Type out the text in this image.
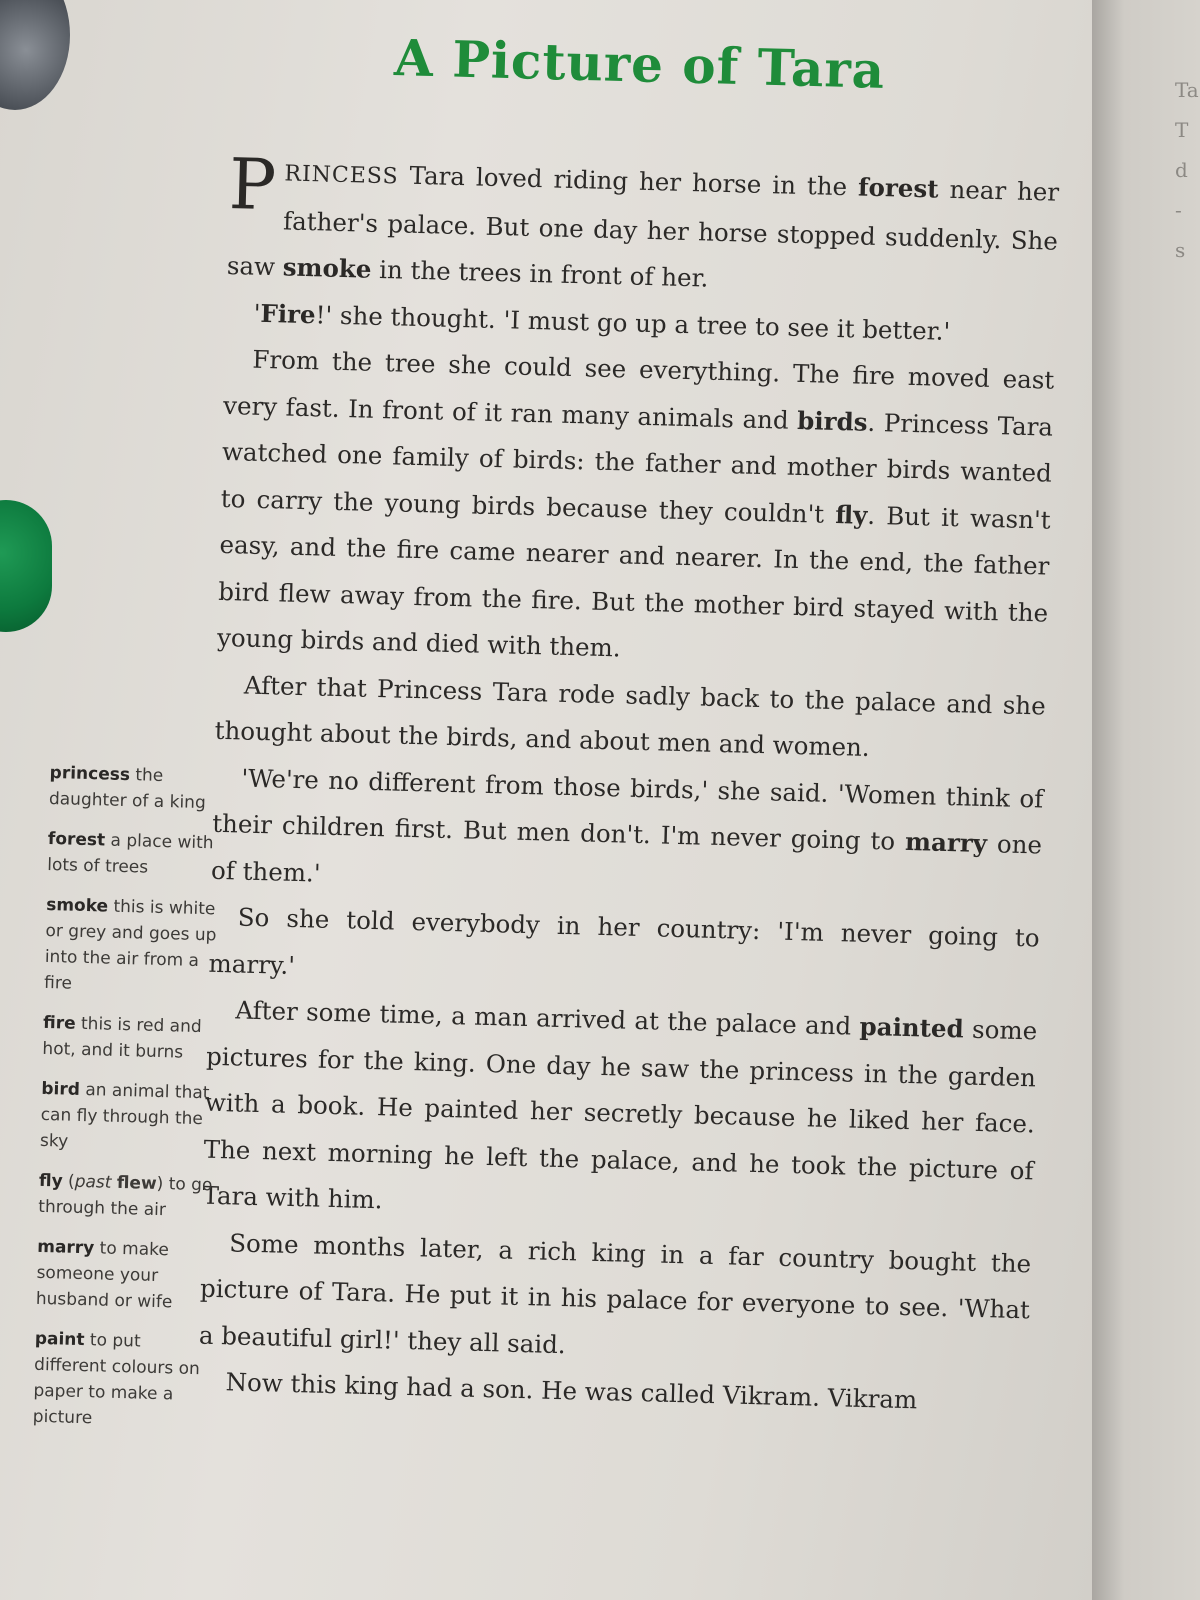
A Picture of Tara

PRINCESS Tara loved riding her horse in the forest near her father's palace. But one day her horse stopped suddenly. She saw smoke in the trees in front of her.

'Fire!' she thought. 'I must go up a tree to see it better.'

From the tree she could see everything. The fire moved east very fast. In front of it ran many animals and birds. Princess Tara watched one family of birds: the father and mother birds wanted to carry the young birds because they couldn't fly. But it wasn't easy, and the fire came nearer and nearer. In the end, the father bird flew away from the fire. But the mother bird stayed with the young birds and died with them.

After that Princess Tara rode sadly back to the palace and she thought about the birds, and about men and women.

'We're no different from those birds,' she said. 'Women think of their children first. But men don't. I'm never going to marry one of them.'

So she told everybody in her country: 'I'm never going to marry.'

After some time, a man arrived at the palace and painted some pictures for the king. One day he saw the princess in the garden with a book. He painted her secretly because he liked her face. The next morning he left the palace, and he took the picture of Tara with him.

Some months later, a rich king in a far country bought the picture of Tara. He put it in his palace for everyone to see. 'What a beautiful girl!' they all said.

Now this king had a son. He was called Vikram. Vikram

princess the daughter of a king
forest a place with lots of trees
smoke this is white or grey and goes up into the air from a fire
fire this is red and hot, and it burns
bird an animal that can fly through the sky
fly (past flew) to go through the air
marry to make someone your husband or wife
paint to put different colours on paper to make a picture
Ta
T
d
-
s
